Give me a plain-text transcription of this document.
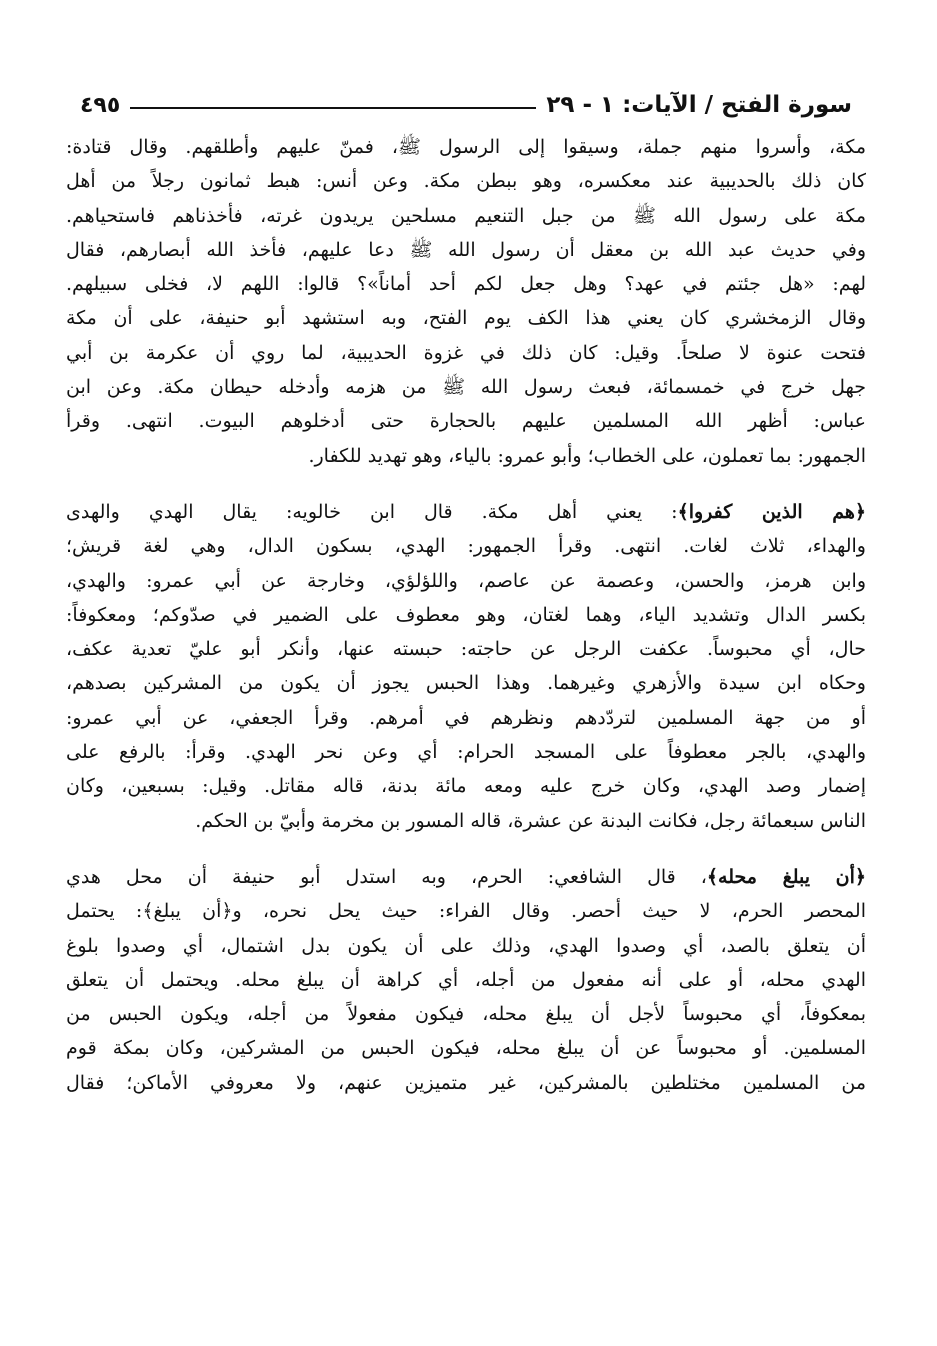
سورة الفتح / الآيات: ١ - ٢٩
٤٩٥
مكة، وأسروا منهم جملة، وسيقوا إلى الرسول ﷺ، فمنّ عليهم وأطلقهم. وقال قتادة:
كان ذلك بالحديبية عند معكسره، وهو ببطن مكة. وعن أنس: هبط ثمانون رجلاً من أهل
مكة على رسول الله ﷺ من جبل التنعيم مسلحين يريدون غرته، فأخذناهم فاستحياهم.
وفي حديث عبد الله بن معقل أن رسول الله ﷺ دعا عليهم، فأخذ الله أبصارهم، فقال
لهم: «هل جئتم في عهد؟ وهل جعل لكم أحد أماناً»؟ قالوا: اللهم لا، فخلى سبيلهم.
وقال الزمخشري كان يعني هذا الكف يوم الفتح، وبه استشهد أبو حنيفة، على أن مكة
فتحت عنوة لا صلحاً. وقيل: كان ذلك في غزوة الحديبية، لما روي أن عكرمة بن أبي
جهل خرج في خمسمائة، فبعث رسول الله ﷺ من هزمه وأدخله حيطان مكة. وعن ابن
عباس: أظهر الله المسلمين عليهم بالحجارة حتى أدخلوهم البيوت. انتهى. وقرأ
الجمهور: بما تعملون، على الخطاب؛ وأبو عمرو: بالياء، وهو تهديد للكفار.
﴿هم الذين كفروا﴾: يعني أهل مكة. قال ابن خالويه: يقال الهدي والهدى
والهداء، ثلاث لغات. انتهى. وقرأ الجمهور: الهدي، بسكون الدال، وهي لغة قريش؛
وابن هرمز، والحسن، وعصمة عن عاصم، واللؤلؤي، وخارجة عن أبي عمرو: والهدي،
بكسر الدال وتشديد الياء، وهما لغتان، وهو معطوف على الضمير في صدّوكم؛ ومعكوفاً:
حال، أي محبوساً. عكفت الرجل عن حاجته: حبسته عنها، وأنكر أبو عليّ تعدية عكف،
وحكاه ابن سيدة والأزهري وغيرهما. وهذا الحبس يجوز أن يكون من المشركين بصدهم،
أو من جهة المسلمين لتردّدهم ونظرهم في أمرهم. وقرأ الجعفي، عن أبي عمرو:
والهدي، بالجر معطوفاً على المسجد الحرام: أي وعن نحر الهدي. وقرأ: بالرفع على
إضمار وصد الهدي، وكان خرج عليه ومعه مائة بدنة، قاله مقاتل. وقيل: بسبعين، وكان
الناس سبعمائة رجل، فكانت البدنة عن عشرة، قاله المسور بن مخرمة وأبيّ بن الحكم.
﴿أن يبلغ محله﴾، قال الشافعي: الحرم، وبه استدل أبو حنيفة أن محل هدي
المحصر الحرم، لا حيث أحصر. وقال الفراء: حيث يحل نحره، و﴿أن يبلغ﴾: يحتمل
أن يتعلق بالصد، أي وصدوا الهدي، وذلك على أن يكون بدل اشتمال، أي وصدوا بلوغ
الهدي محله، أو على أنه مفعول من أجله، أي كراهة أن يبلغ محله. ويحتمل أن يتعلق
بمعكوفاً، أي محبوساً لأجل أن يبلغ محله، فيكون مفعولاً من أجله، ويكون الحبس من
المسلمين. أو محبوساً عن أن يبلغ محله، فيكون الحبس من المشركين، وكان بمكة قوم
من المسلمين مختلطين بالمشركين، غير متميزين عنهم، ولا معروفي الأماكن؛ فقال
